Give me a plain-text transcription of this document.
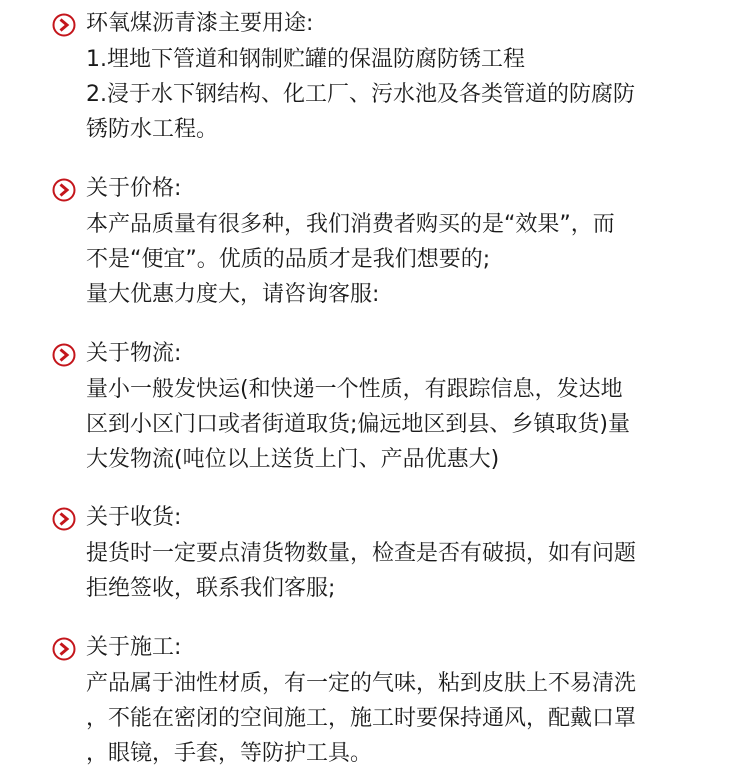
环氧煤沥青漆主要用途:
1.埋地下管道和钢制贮罐的保温防腐防锈工程
2.浸于水下钢结构、化工厂、污水池及各类管道的防腐防
锈防水工程。
关于价格:
本产品质量有很多种，我们消费者购买的是“效果”，而
不是“便宜”。优质的品质才是我们想要的;
量大优惠力度大，请咨询客服:
关于物流:
量小一般发快运(和快递一个性质，有跟踪信息，发达地
区到小区门口或者街道取货;偏远地区到县、乡镇取货)量
大发物流(吨位以上送货上门、产品优惠大)
关于收货:
提货时一定要点清货物数量，检查是否有破损，如有问题
拒绝签收，联系我们客服;
关于施工:
产品属于油性材质，有一定的气味，粘到皮肤上不易清洗
，不能在密闭的空间施工，施工时要保持通风，配戴口罩
，眼镜，手套，等防护工具。
